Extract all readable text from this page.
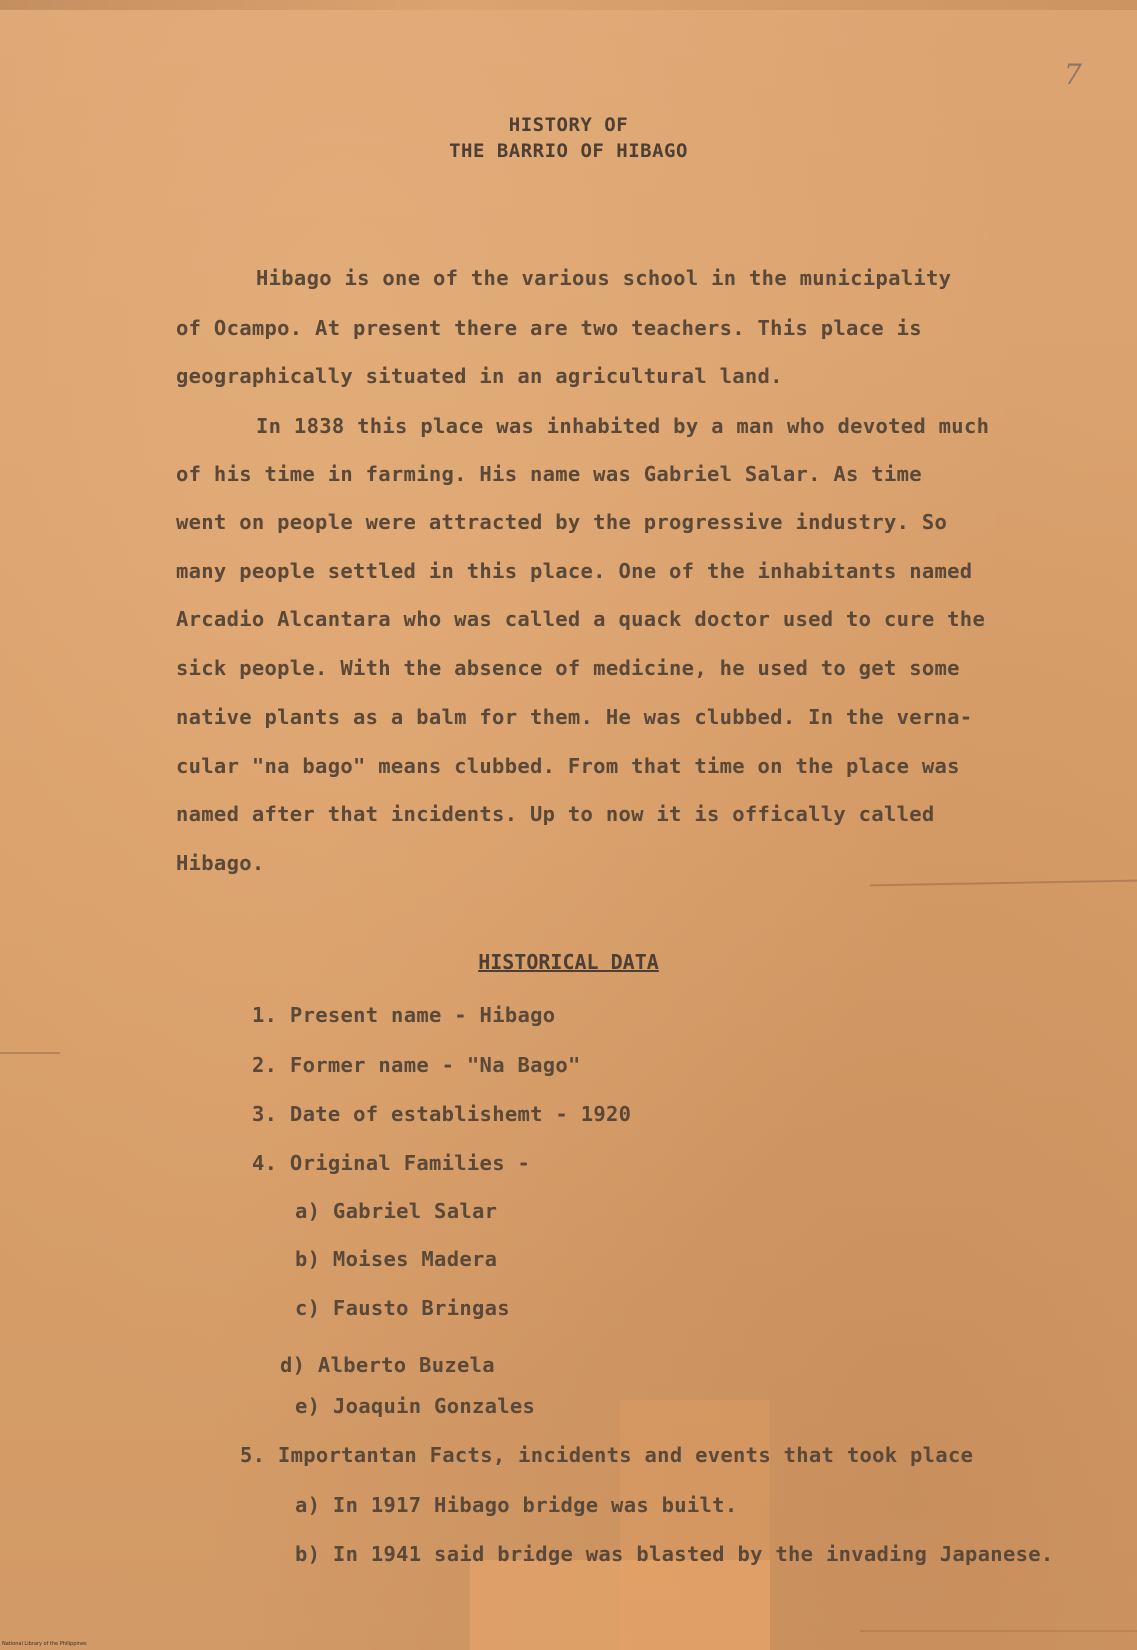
7
HISTORY OF
THE BARRIO OF HIBAGO
Hibago is one of the various school in the municipality
of Ocampo. At present there are two teachers. This place is
geographically situated in an agricultural land.
In 1838 this place was inhabited by a man who devoted much
of his time in farming. His name was Gabriel Salar. As time
went on people were attracted by the progressive industry. So
many people settled in this place. One of the inhabitants named
Arcadio Alcantara who was called a quack doctor used to cure the
sick people. With the absence of medicine, he used to get some
native plants as a balm for them. He was clubbed. In the verna-
cular "na bago" means clubbed. From that time on the place was
named after that incidents. Up to now it is offically called
Hibago.
HISTORICAL DATA
1. Present name - Hibago
2. Former name - "Na Bago"
3. Date of establishemt - 1920
4. Original Families -
a) Gabriel Salar
b) Moises Madera
c) Fausto Bringas
d) Alberto Buzela
e) Joaquin Gonzales
5. Importantan Facts, incidents and events that took place
a) In 1917 Hibago bridge was built.
b) In 1941 said bridge was blasted by the invading Japanese.
National Library of the Philippines
